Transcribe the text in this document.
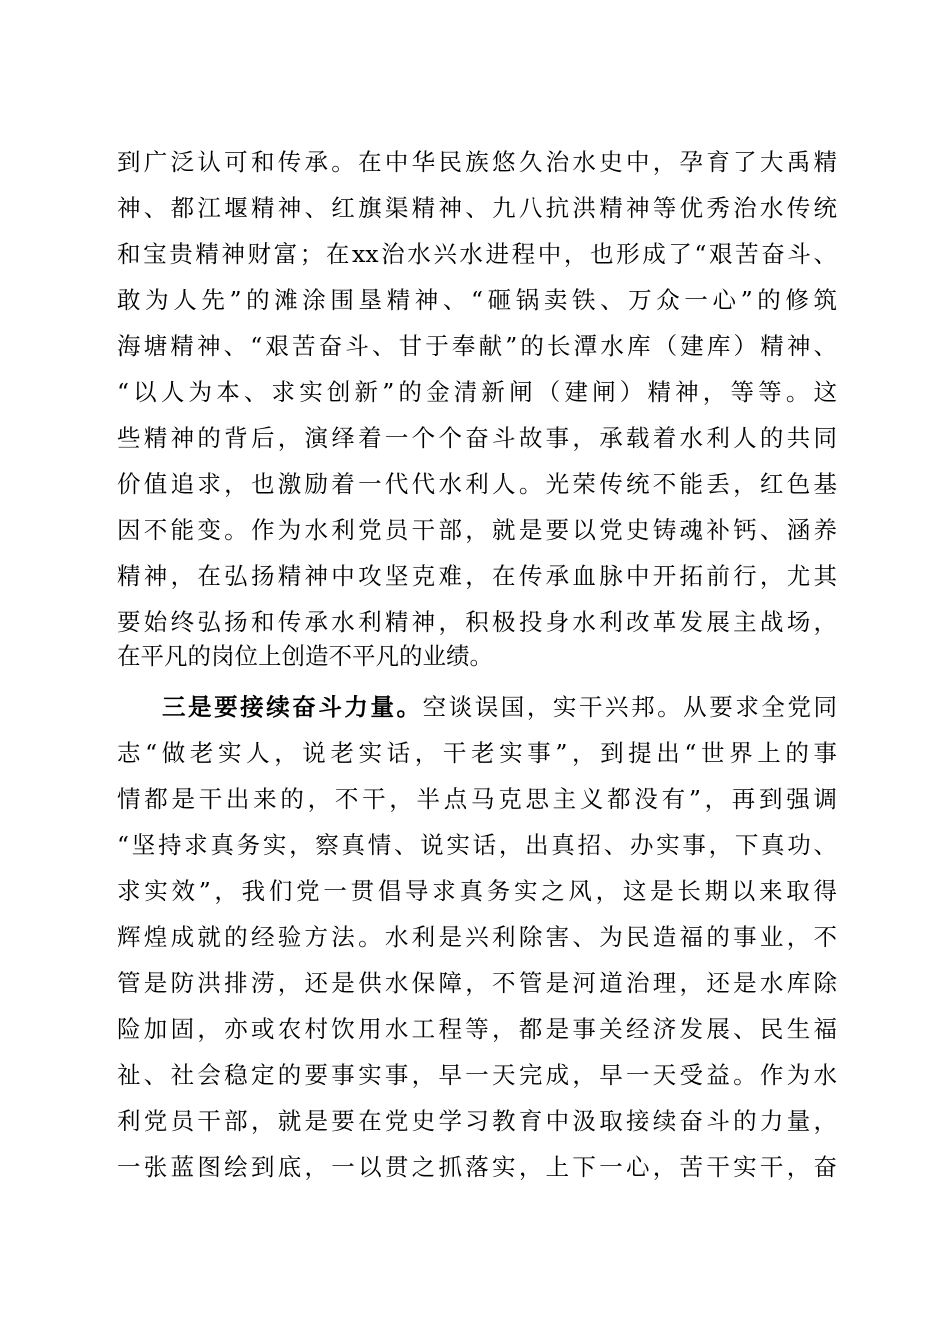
到广泛认可和传承。在中华民族悠久治水史中，孕育了大禹精
神、都江堰精神、红旗渠精神、九八抗洪精神等优秀治水传统
和宝贵精神财富；在xx治水兴水进程中，也形成了“艰苦奋斗、
敢为人先”的滩涂围垦精神、“砸锅卖铁、万众一心”的修筑
海塘精神、“艰苦奋斗、甘于奉献”的长潭水库（建库）精神、
“以人为本、求实创新”的金清新闸（建闸）精神，等等。这
些精神的背后，演绎着一个个奋斗故事，承载着水利人的共同
价值追求，也激励着一代代水利人。光荣传统不能丢，红色基
因不能变。作为水利党员干部，就是要以党史铸魂补钙、涵养
精神，在弘扬精神中攻坚克难，在传承血脉中开拓前行，尤其
要始终弘扬和传承水利精神，积极投身水利改革发展主战场，
在平凡的岗位上创造不平凡的业绩。
三是要接续奋斗力量。空谈误国，实干兴邦。从要求全党同
志“做老实人，说老实话，干老实事”，到提出“世界上的事
情都是干出来的，不干，半点马克思主义都没有”，再到强调
“坚持求真务实，察真情、说实话，出真招、办实事，下真功、
求实效”，我们党一贯倡导求真务实之风，这是长期以来取得
辉煌成就的经验方法。水利是兴利除害、为民造福的事业，不
管是防洪排涝，还是供水保障，不管是河道治理，还是水库除
险加固，亦或农村饮用水工程等，都是事关经济发展、民生福
祉、社会稳定的要事实事，早一天完成，早一天受益。作为水
利党员干部，就是要在党史学习教育中汲取接续奋斗的力量，
一张蓝图绘到底，一以贯之抓落实，上下一心，苦干实干，奋
